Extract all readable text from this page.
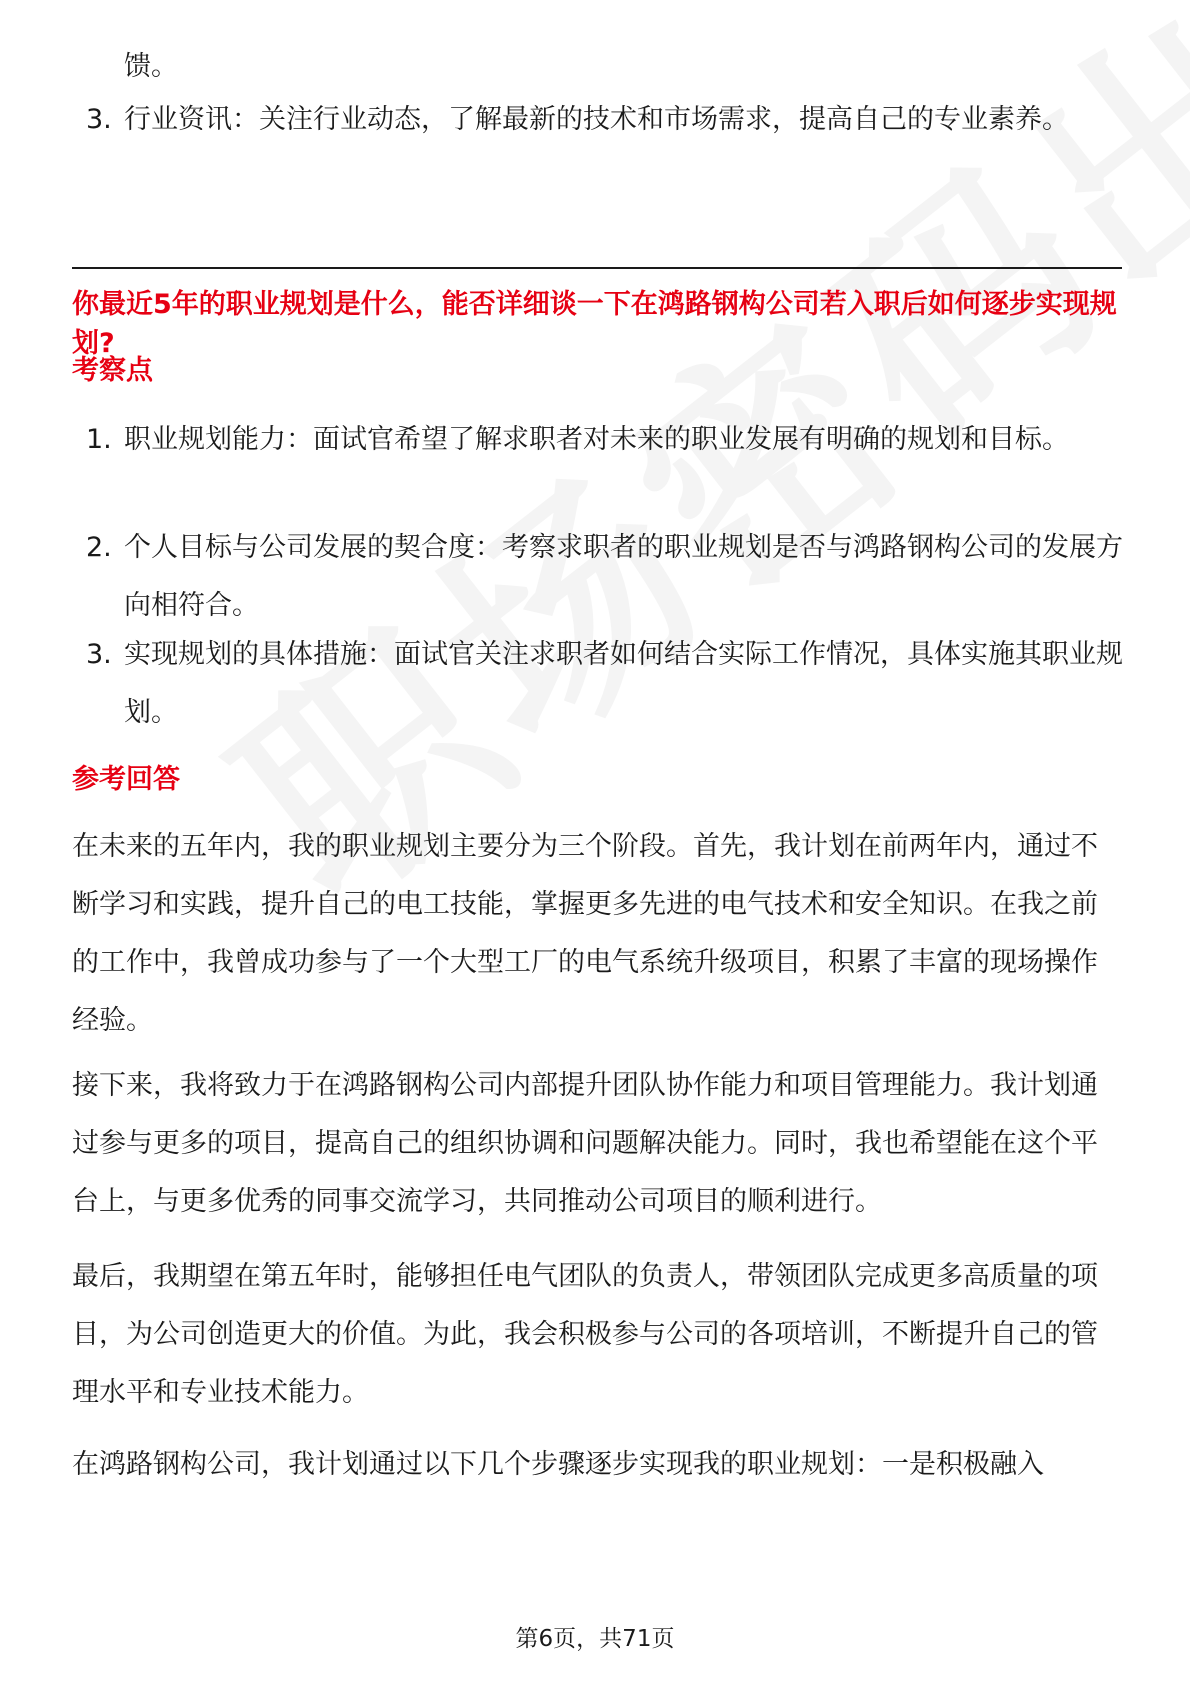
馈。
3. 行业资讯：关注行业动态，了解最新的技术和市场需求，提高自己的专业素养。
你最近5年的职业规划是什么，能否详细谈一下在鸿路钢构公司若入职后如何逐步实现规划?
考察点
1. 职业规划能力：面试官希望了解求职者对未来的职业发展有明确的规划和目标。
2. 个人目标与公司发展的契合度：考察求职者的职业规划是否与鸿路钢构公司的发展方向相符合。
3. 实现规划的具体措施：面试官关注求职者如何结合实际工作情况，具体实施其职业规划。
参考回答
在未来的五年内，我的职业规划主要分为三个阶段。首先，我计划在前两年内，通过不断学习和实践，提升自己的电工技能，掌握更多先进的电气技术和安全知识。在我之前的工作中，我曾成功参与了一个大型工厂的电气系统升级项目，积累了丰富的现场操作经验。
接下来，我将致力于在鸿路钢构公司内部提升团队协作能力和项目管理能力。我计划通过参与更多的项目，提高自己的组织协调和问题解决能力。同时，我也希望能在这个平台上，与更多优秀的同事交流学习，共同推动公司项目的顺利进行。
最后，我期望在第五年时，能够担任电气团队的负责人，带领团队完成更多高质量的项目，为公司创造更大的价值。为此，我会积极参与公司的各项培训，不断提升自己的管理水平和专业技术能力。
在鸿路钢构公司，我计划通过以下几个步骤逐步实现我的职业规划：一是积极融入
第6页，共71页
